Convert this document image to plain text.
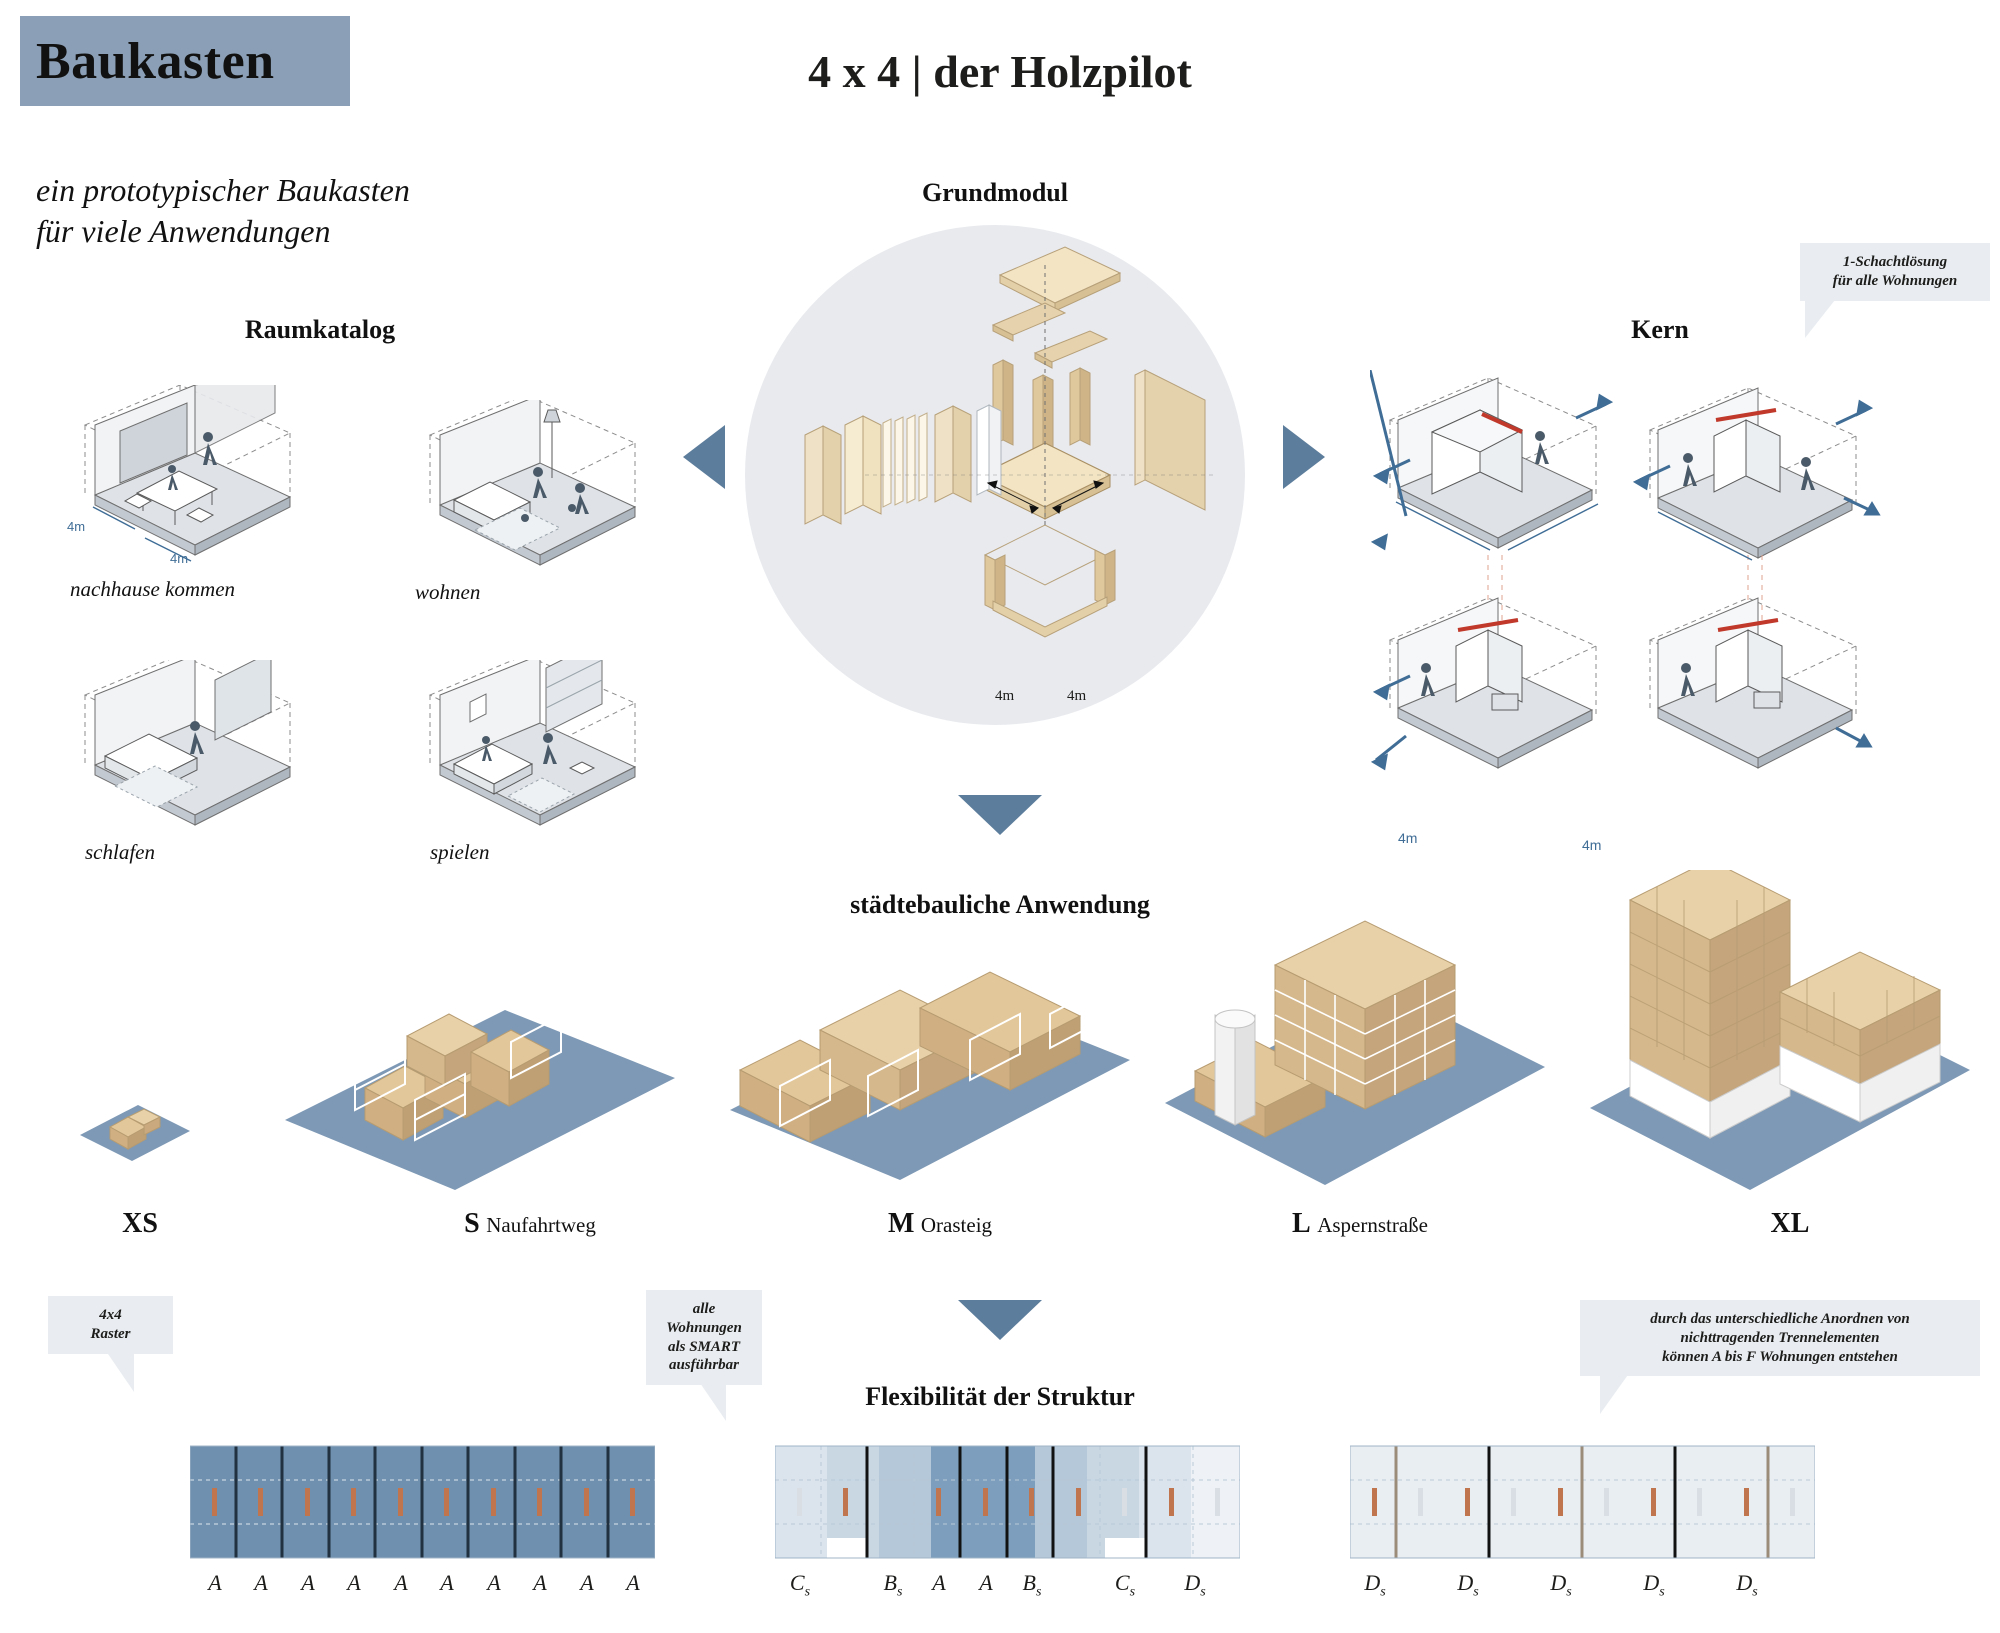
Baukasten	4 x 4 | der Holzpilot
ein prototypischer Baukasten
für viele Anwendungen
Raumkatalog
Grundmodul
Kern
städtebauliche Anwendung
Flexibilität der Struktur
nachhause kommen
4m
4m
wohnen
schlafen	spielen
4m	4m
1-Schachtlösung
für alle Wohnungen
4m	4m
XS	S Naufahrtweg	M Orasteig	L Aspernstraße	XL
4x4
Raster
alle
Wohnungen
als SMART
ausführbar
durch das unterschiedliche Anordnen von
nichttragenden Trennelementen
können A bis F Wohnungen entstehen
A	A	A	A	A	A	A	A	A	A	$C_s$	$B_s$	A	A	$B_s$	$C_s$	$D_s$	$D_s$	$D_s$	$D_s$	$D_s$	$D_s$
